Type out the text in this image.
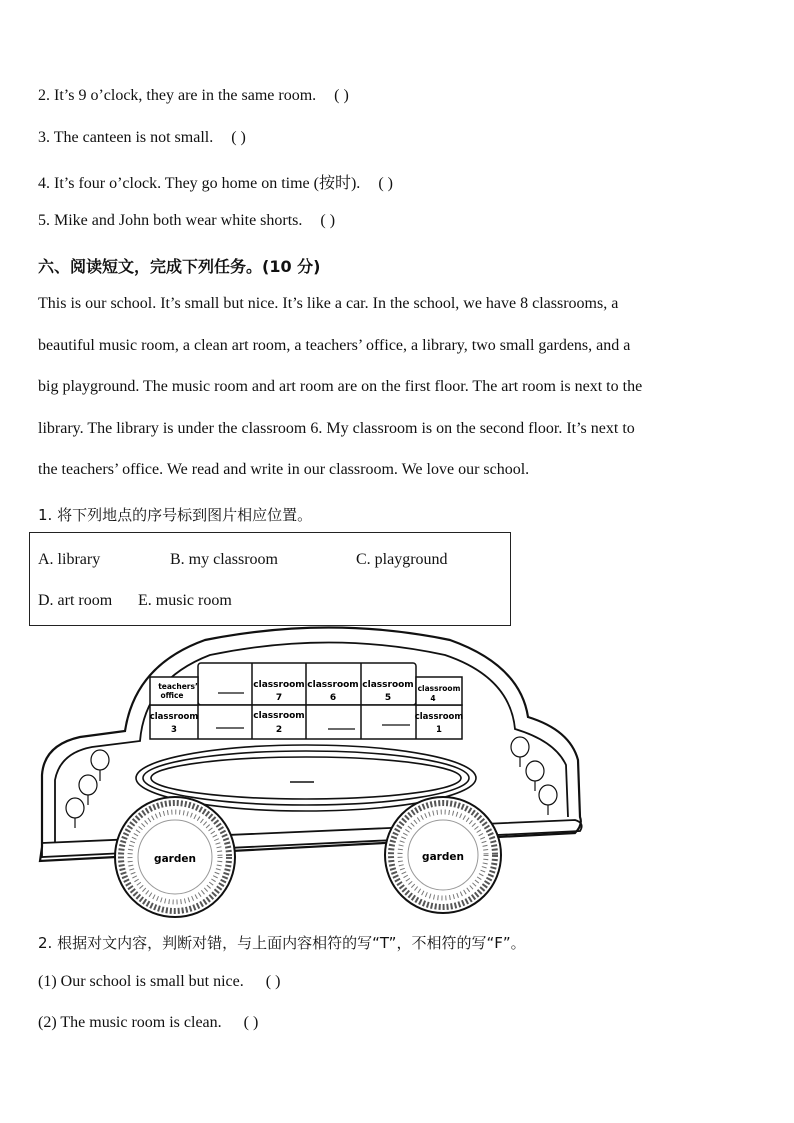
2. It’s 9 o’clock, they are in the same room. ( )
3. The canteen is not small. ( )
4. It’s four o’clock. They go home on time (按时). ( )
5. Mike and John both wear white shorts. ( )
六、阅读短文，完成下列任务。(10 分)
This is our school. It’s small but nice. It’s like a car. In the school, we have 8 classrooms, a
beautiful music room, a clean art room, a teachers’ office, a library, two small gardens, and a
big playground. The music room and art room are on the first floor. The art room is next to the
library. The library is under the classroom 6. My classroom is on the second floor. It’s next to
the teachers’ office. We read and write in our classroom. We love our school.
1. 将下列地点的序号标到图片相应位置。
A. library	B. my classroom	C. playground
D. art room E. music room
teachers’ office
classroom
7
classroom
6
classroom
5
classroom
4
classroom
3
classroom
2
classroom
1
garden	garden
2. 根据对文内容，判断对错，与上面内容相符的写“T”，不相符的写“F”。
(1) Our school is small but nice. ( )
(2) The music room is clean. ( )
